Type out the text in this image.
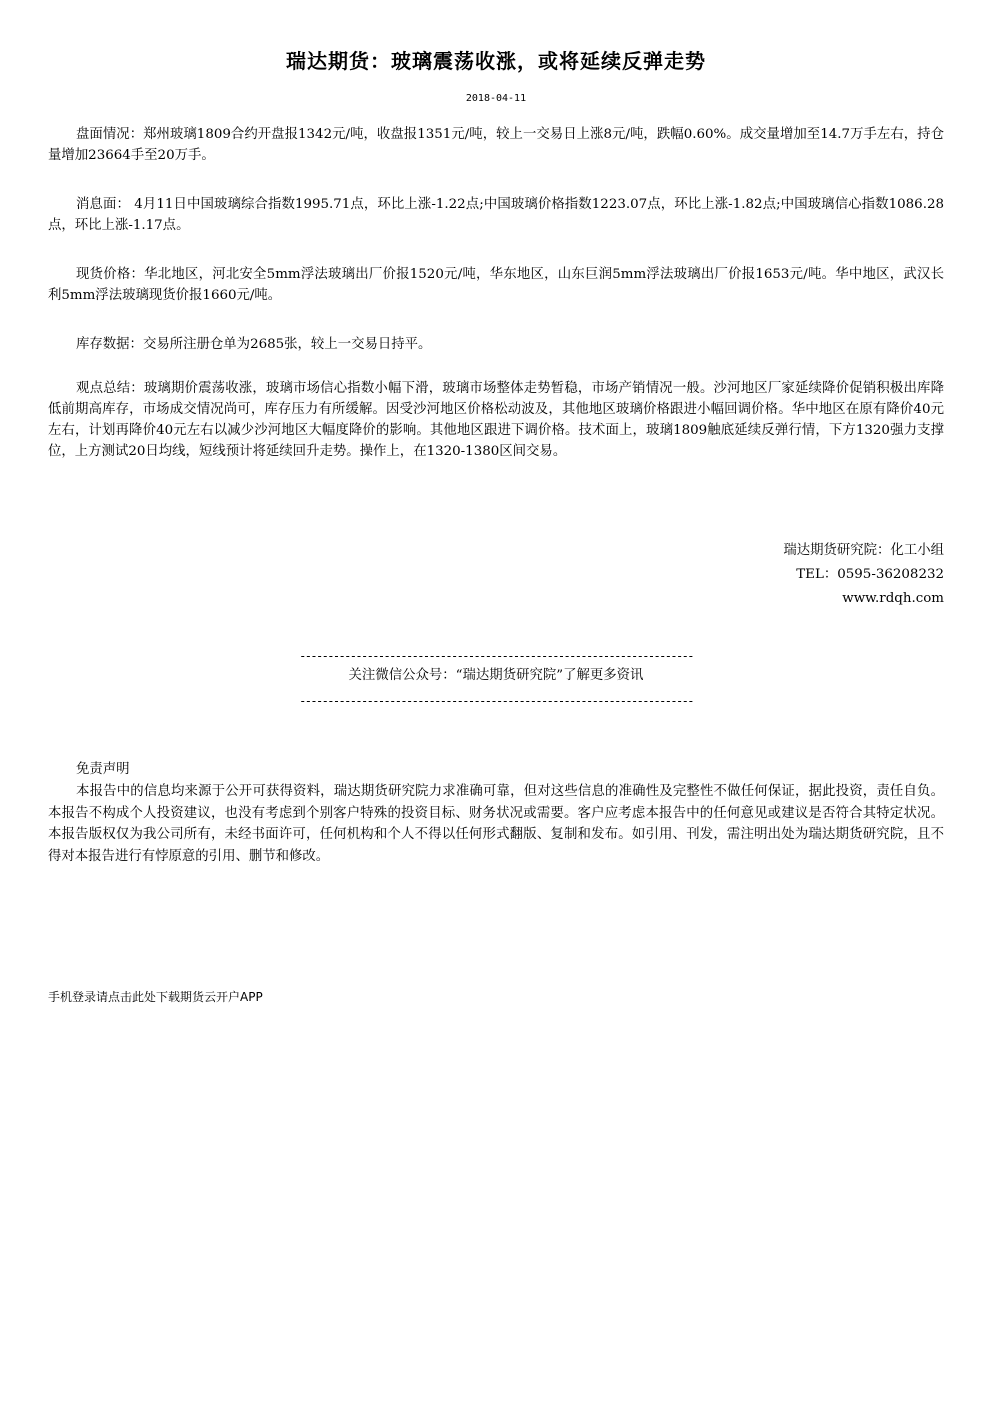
瑞达期货：玻璃震荡收涨，或将延续反弹走势
2018-04-11

盘面情况：郑州玻璃1809合约开盘报1342元/吨，收盘报1351元/吨，较上一交易日上涨8元/吨，跌幅0.60%。成交量增加至14.7万手左右，持仓量增加23664手至20万手。

消息面： 4月11日中国玻璃综合指数1995.71点，环比上涨-1.22点;中国玻璃价格指数1223.07点，环比上涨-1.82点;中国玻璃信心指数1086.28点，环比上涨-1.17点。

现货价格：华北地区，河北安全5mm浮法玻璃出厂价报1520元/吨，华东地区，山东巨润5mm浮法玻璃出厂价报1653元/吨。华中地区，武汉长利5mm浮法玻璃现货价报1660元/吨。

库存数据：交易所注册仓单为2685张，较上一交易日持平。

观点总结：玻璃期价震荡收涨，玻璃市场信心指数小幅下滑，玻璃市场整体走势暂稳，市场产销情况一般。沙河地区厂家延续降价促销积极出库降低前期高库存，市场成交情况尚可，库存压力有所缓解。因受沙河地区价格松动波及，其他地区玻璃价格跟进小幅回调价格。华中地区在原有降价40元左右，计划再降价40元左右以减少沙河地区大幅度降价的影响。其他地区跟进下调价格。技术面上，玻璃1809触底延续反弹行情，下方1320强力支撑位，上方测试20日均线，短线预计将延续回升走势。操作上，在1320-1380区间交易。

瑞达期货研究院：化工小组
TEL：0595-36208232
www.rdqh.com
----------------------------------------------------------------------
关注微信公众号：“瑞达期货研究院”了解更多资讯
----------------------------------------------------------------------
免责声明

本报告中的信息均来源于公开可获得资料，瑞达期货研究院力求准确可靠，但对这些信息的准确性及完整性不做任何保证，据此投资，责任自负。本报告不构成个人投资建议，也没有考虑到个别客户特殊的投资目标、财务状况或需要。客户应考虑本报告中的任何意见或建议是否符合其特定状况。本报告版权仅为我公司所有，未经书面许可，任何机构和个人不得以任何形式翻版、复制和发布。如引用、刊发，需注明出处为瑞达期货研究院，且不得对本报告进行有悖原意的引用、删节和修改。

手机登录请点击此处下载期货云开户APP
